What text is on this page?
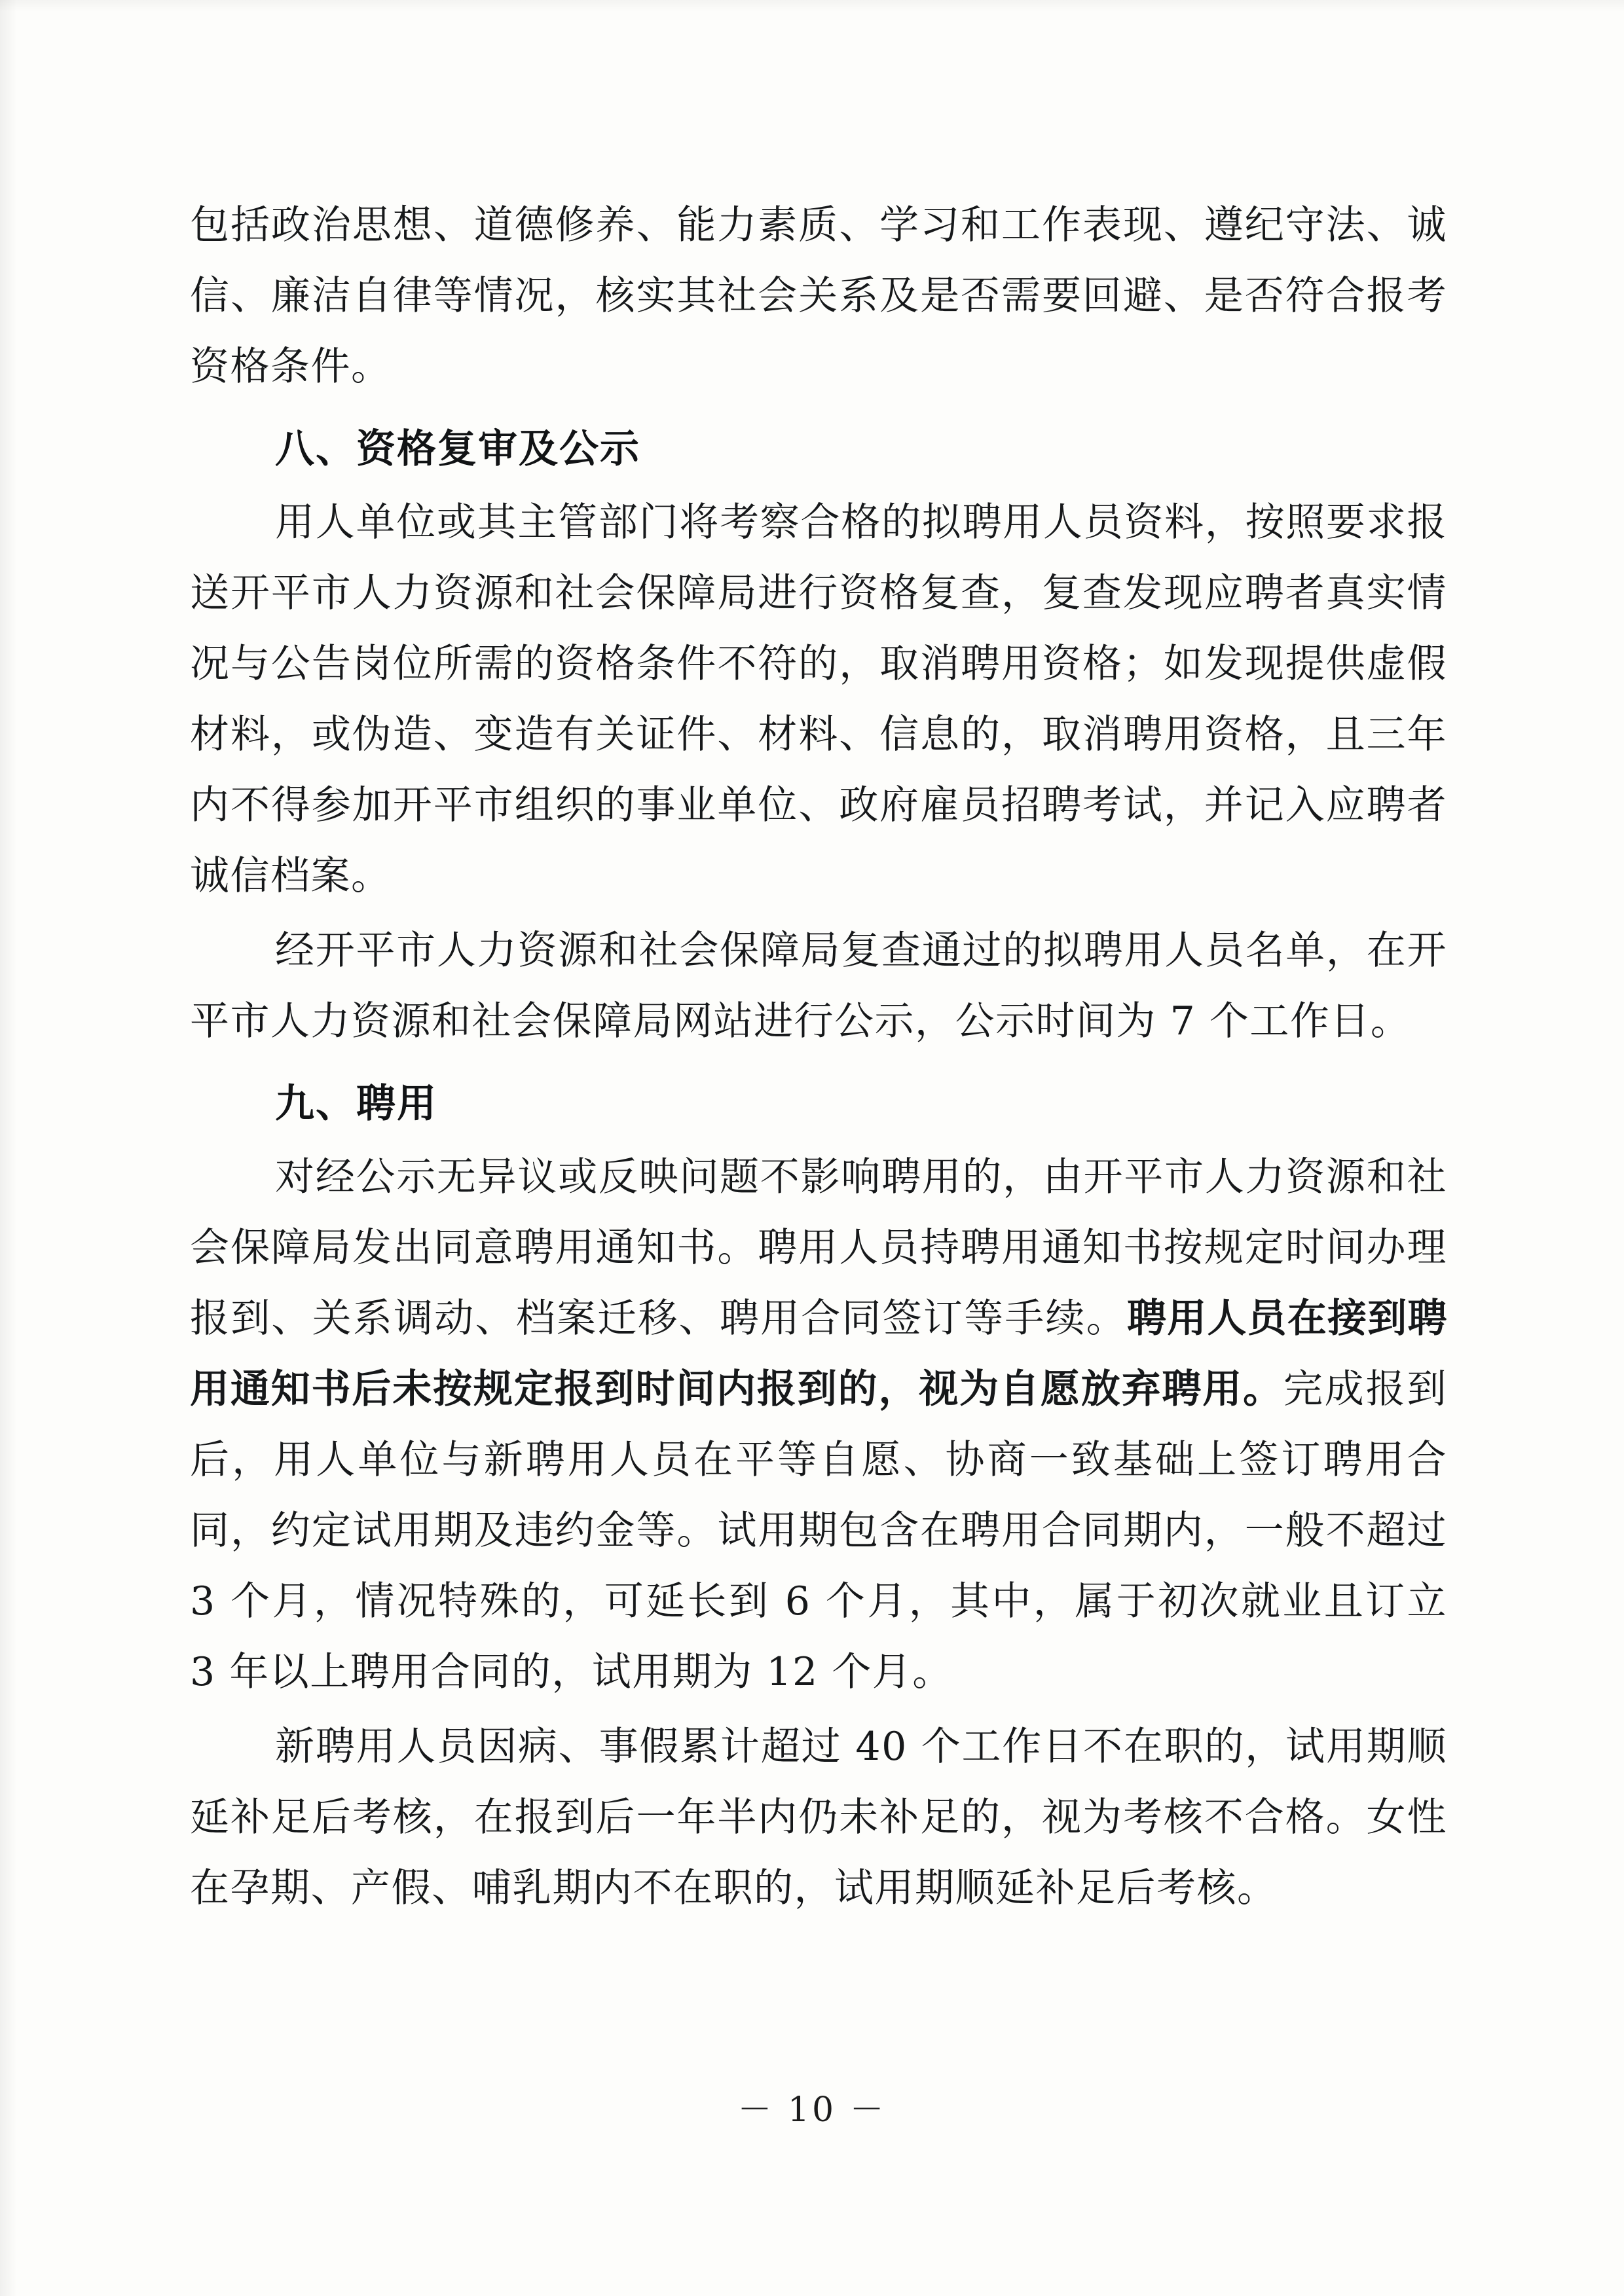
包括政治思想、道德修养、能力素质、学习和工作表现、遵纪守法、诚信、廉洁自律等情况，核实其社会关系及是否需要回避、是否符合报考资格条件。

八、资格复审及公示

用人单位或其主管部门将考察合格的拟聘用人员资料，按照要求报送开平市人力资源和社会保障局进行资格复查，复查发现应聘者真实情况与公告岗位所需的资格条件不符的，取消聘用资格；如发现提供虚假材料，或伪造、变造有关证件、材料、信息的，取消聘用资格，且三年内不得参加开平市组织的事业单位、政府雇员招聘考试，并记入应聘者诚信档案。

经开平市人力资源和社会保障局复查通过的拟聘用人员名单，在开平市人力资源和社会保障局网站进行公示，公示时间为 7 个工作日。

九、聘用

对经公示无异议或反映问题不影响聘用的，由开平市人力资源和社会保障局发出同意聘用通知书。聘用人员持聘用通知书按规定时间办理报到、关系调动、档案迁移、聘用合同签订等手续。聘用人员在接到聘用通知书后未按规定报到时间内报到的，视为自愿放弃聘用。完成报到后，用人单位与新聘用人员在平等自愿、协商一致基础上签订聘用合同，约定试用期及违约金等。试用期包含在聘用合同期内，一般不超过 3 个月，情况特殊的，可延长到 6 个月，其中，属于初次就业且订立 3 年以上聘用合同的，试用期为 12 个月。

新聘用人员因病、事假累计超过 40 个工作日不在职的，试用期顺延补足后考核，在报到后一年半内仍未补足的，视为考核不合格。女性在孕期、产假、哺乳期内不在职的，试用期顺延补足后考核。

－ 10 －
